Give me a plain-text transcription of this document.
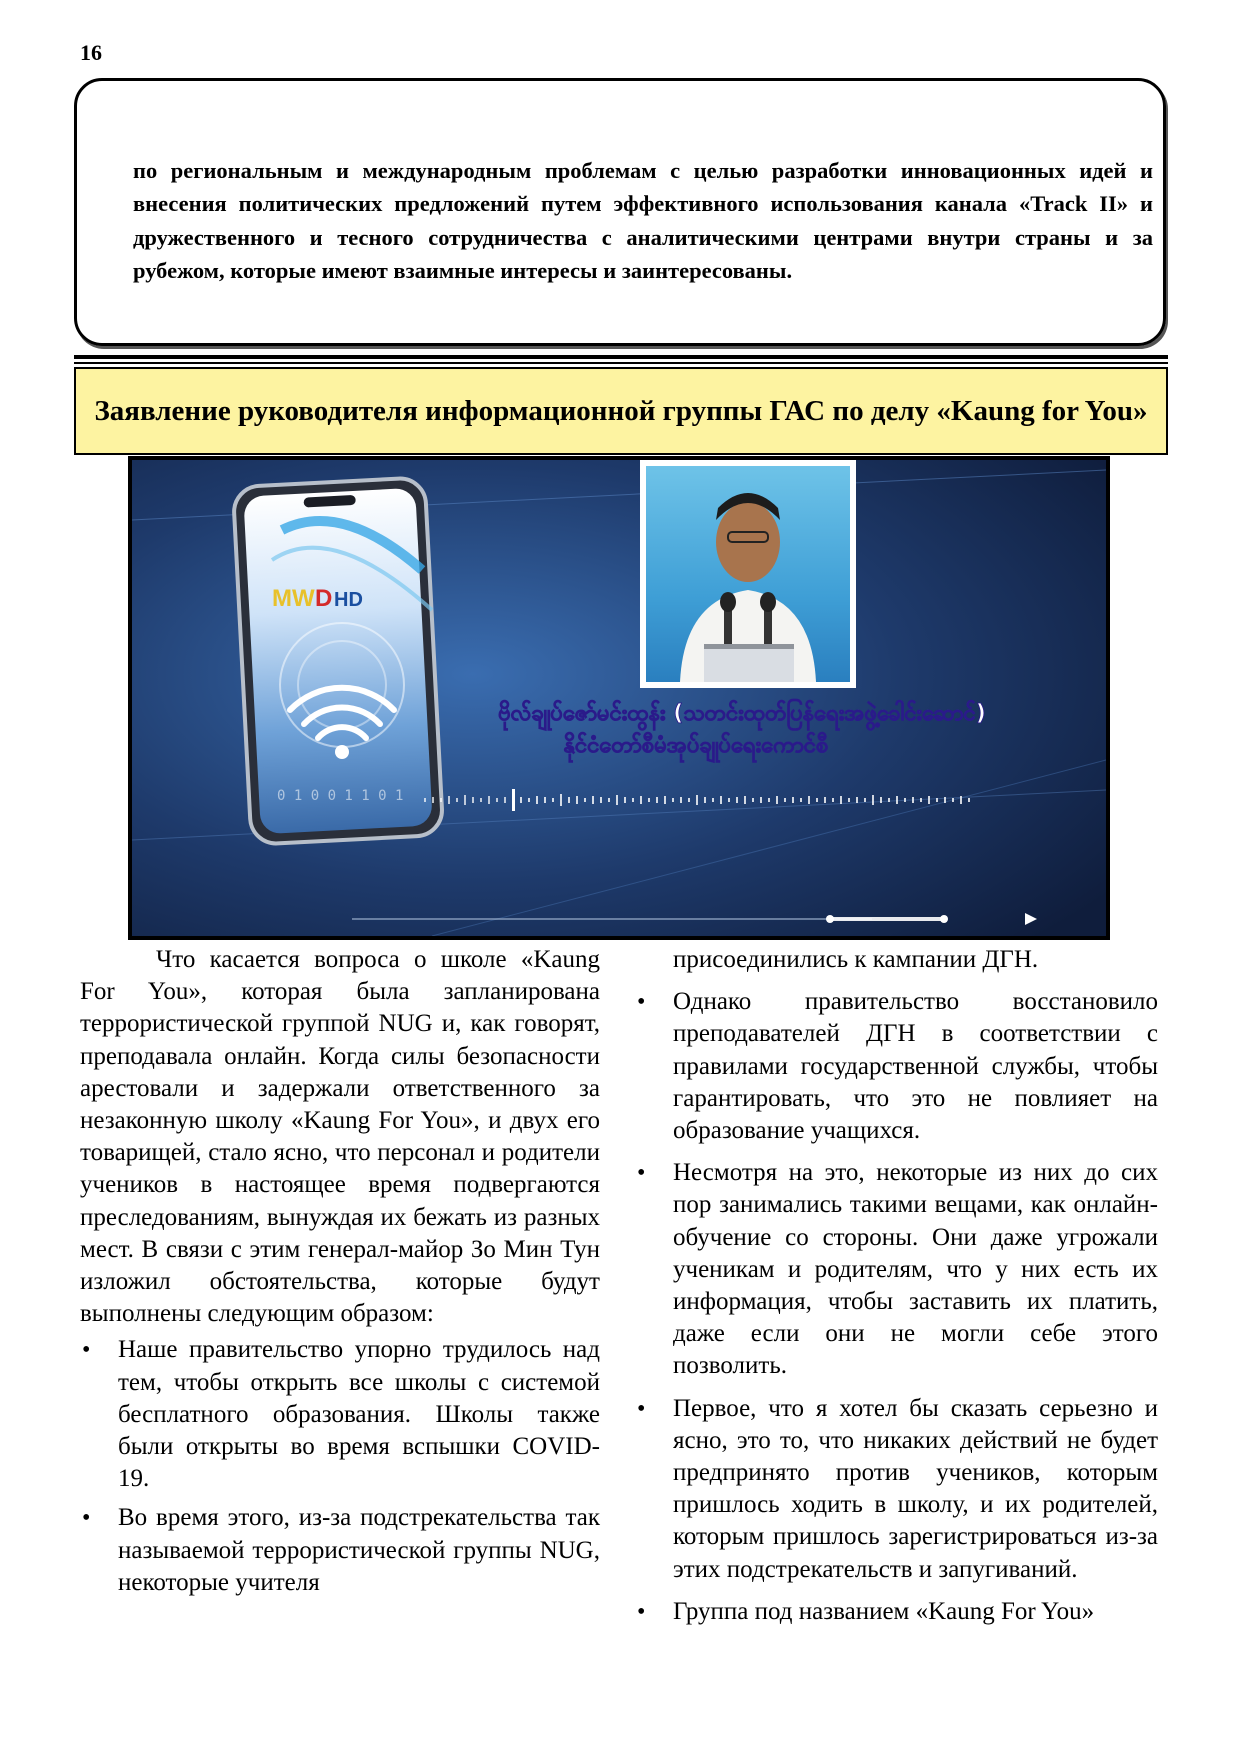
16

по региональным и международным проблемам с целью разработки инновационных идей и внесения политических предложений путем эффективного использования канала «Track II» и дружественного и тесного сотрудничества с аналитическими центрами внутри страны и за рубежом, которые имеют взаимные интересы и заинтересованы.

Заявление руководителя информационной группы ГАС по делу «Kaung for You»
MW D HD
0 1 0 0 1 1 0 1
ဗိုလ်ချုပ်ဇော်မင်းထွန်း (သတင်းထုတ်ပြန်ရေးအဖွဲ့ခေါင်းဆောင်)
နိုင်ငံတော်စီမံအုပ်ချုပ်ရေးကောင်စီ

Что касается вопроса о школе «Kaung For You», которая была запланирована террористической группой NUG и, как говорят, преподавала онлайн. Когда силы безопасности арестовали и задержали ответственного за незаконную школу «Kaung For You», и двух его товарищей, стало ясно, что персонал и родители учеников в настоящее время подвергаются преследованиям, вынуждая их бежать из разных мест. В связи с этим генерал-майор Зо Мин Тун изложил обстоятельства, которые будут выполнены следующим образом:

• Наше правительство упорно трудилось над тем, чтобы открыть все школы с системой бесплатного образования. Школы также были открыты во время вспышки COVID-19.
• Во время этого, из-за подстрекательства так называемой террористической группы NUG, некоторые учителя

присоединились к кампании ДГН.

• Однако правительство восстановило преподавателей ДГН в соответствии с правилами государственной службы, чтобы гарантировать, что это не повлияет на образование учащихся.
• Несмотря на это, некоторые из них до сих пор занимались такими вещами, как онлайн-обучение со стороны. Они даже угрожали ученикам и родителям, что у них есть их информация, чтобы заставить их платить, даже если они не могли себе этого позволить.
• Первое, что я хотел бы сказать серьезно и ясно, это то, что никаких действий не будет предпринято против учеников, которым пришлось ходить в школу, и их родителей, которым пришлось зарегистрироваться из-за этих подстрекательств и запугиваний.
• Группа под названием «Kaung For You»
